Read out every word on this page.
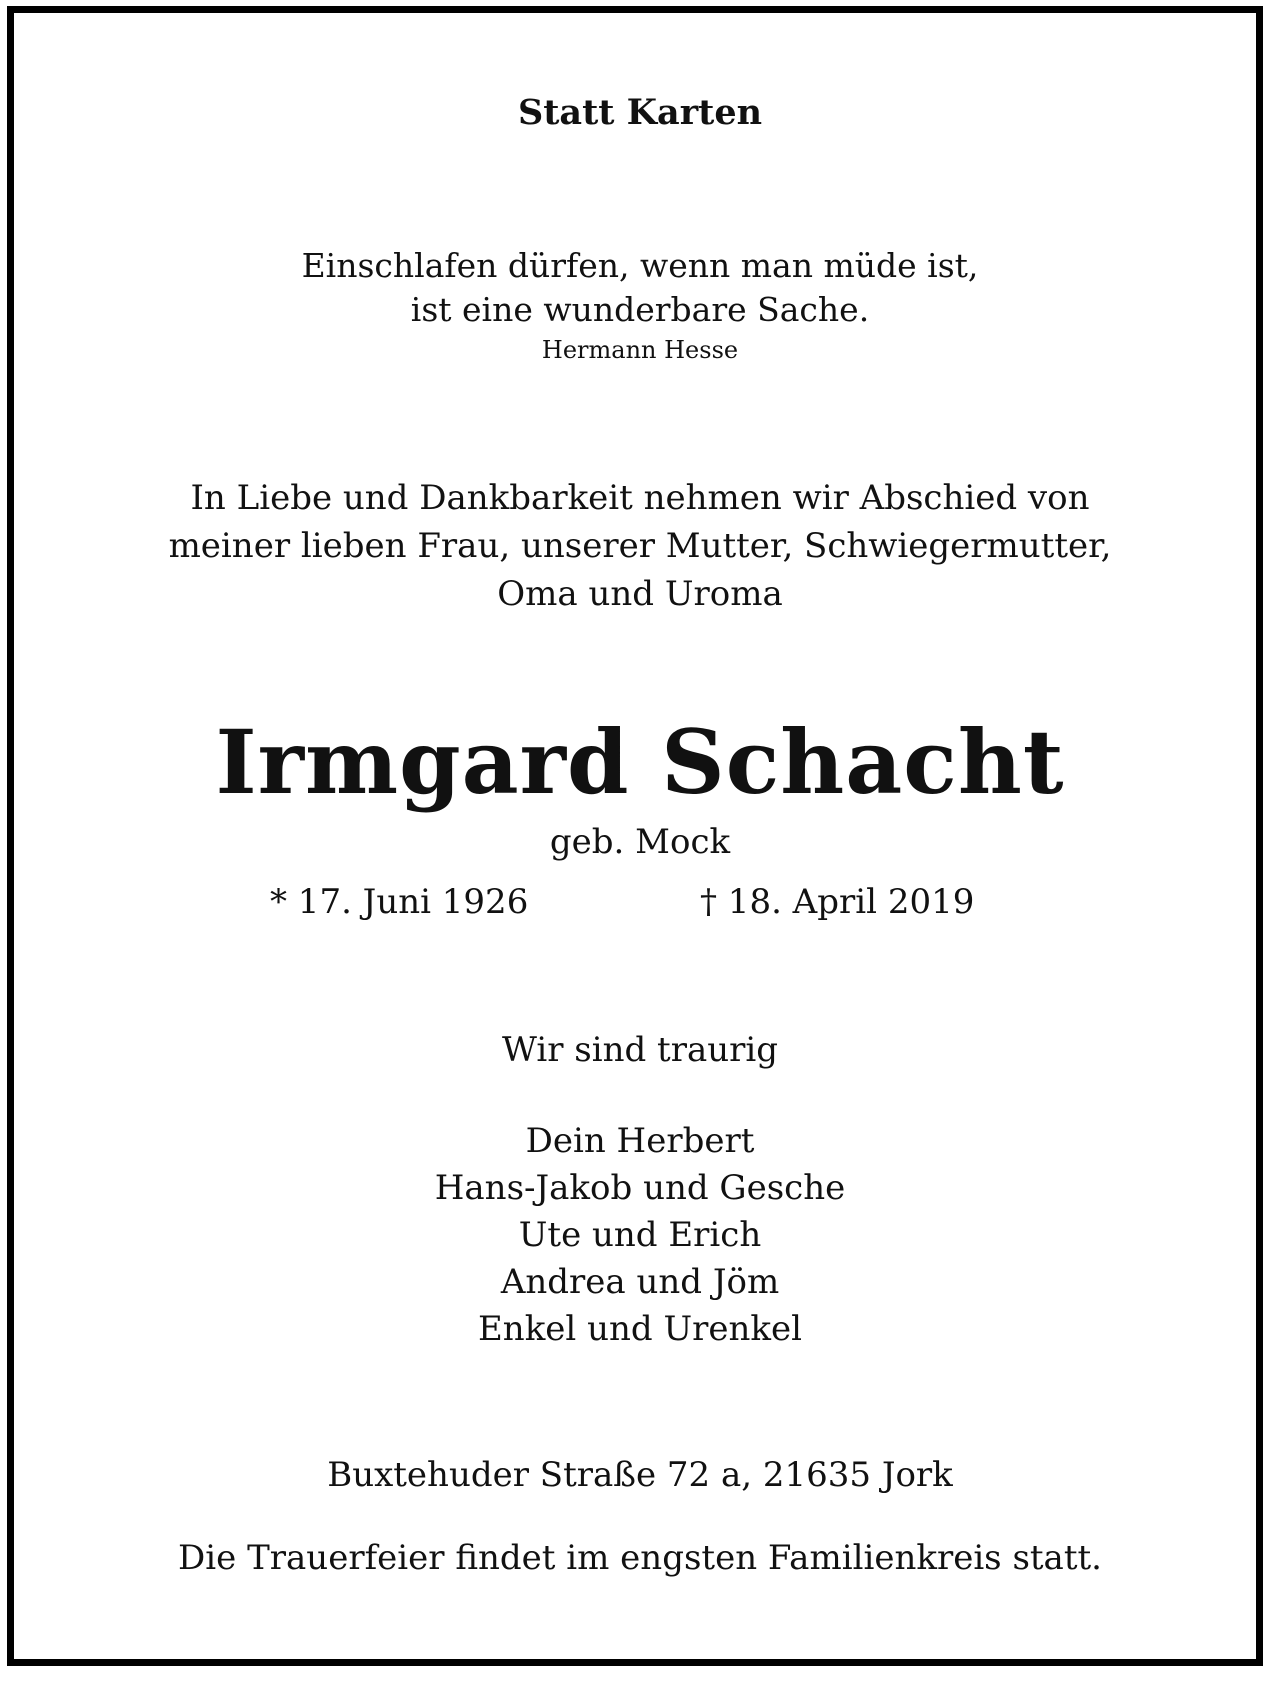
Statt Karten
Einschlafen dürfen, wenn man müde ist,
ist eine wunderbare Sache.
Hermann Hesse
In Liebe und Dankbarkeit nehmen wir Abschied von
meiner lieben Frau, unserer Mutter, Schwiegermutter,
Oma und Uroma
Irmgard Schacht
geb. Mock
* 17. Juni 1926	† 18. April 2019
Wir sind traurig
Dein Herbert
Hans-Jakob und Gesche
Ute und Erich
Andrea und Jöm
Enkel und Urenkel
Buxtehuder Straße 72 a, 21635 Jork
Die Trauerfeier findet im engsten Familienkreis statt.
